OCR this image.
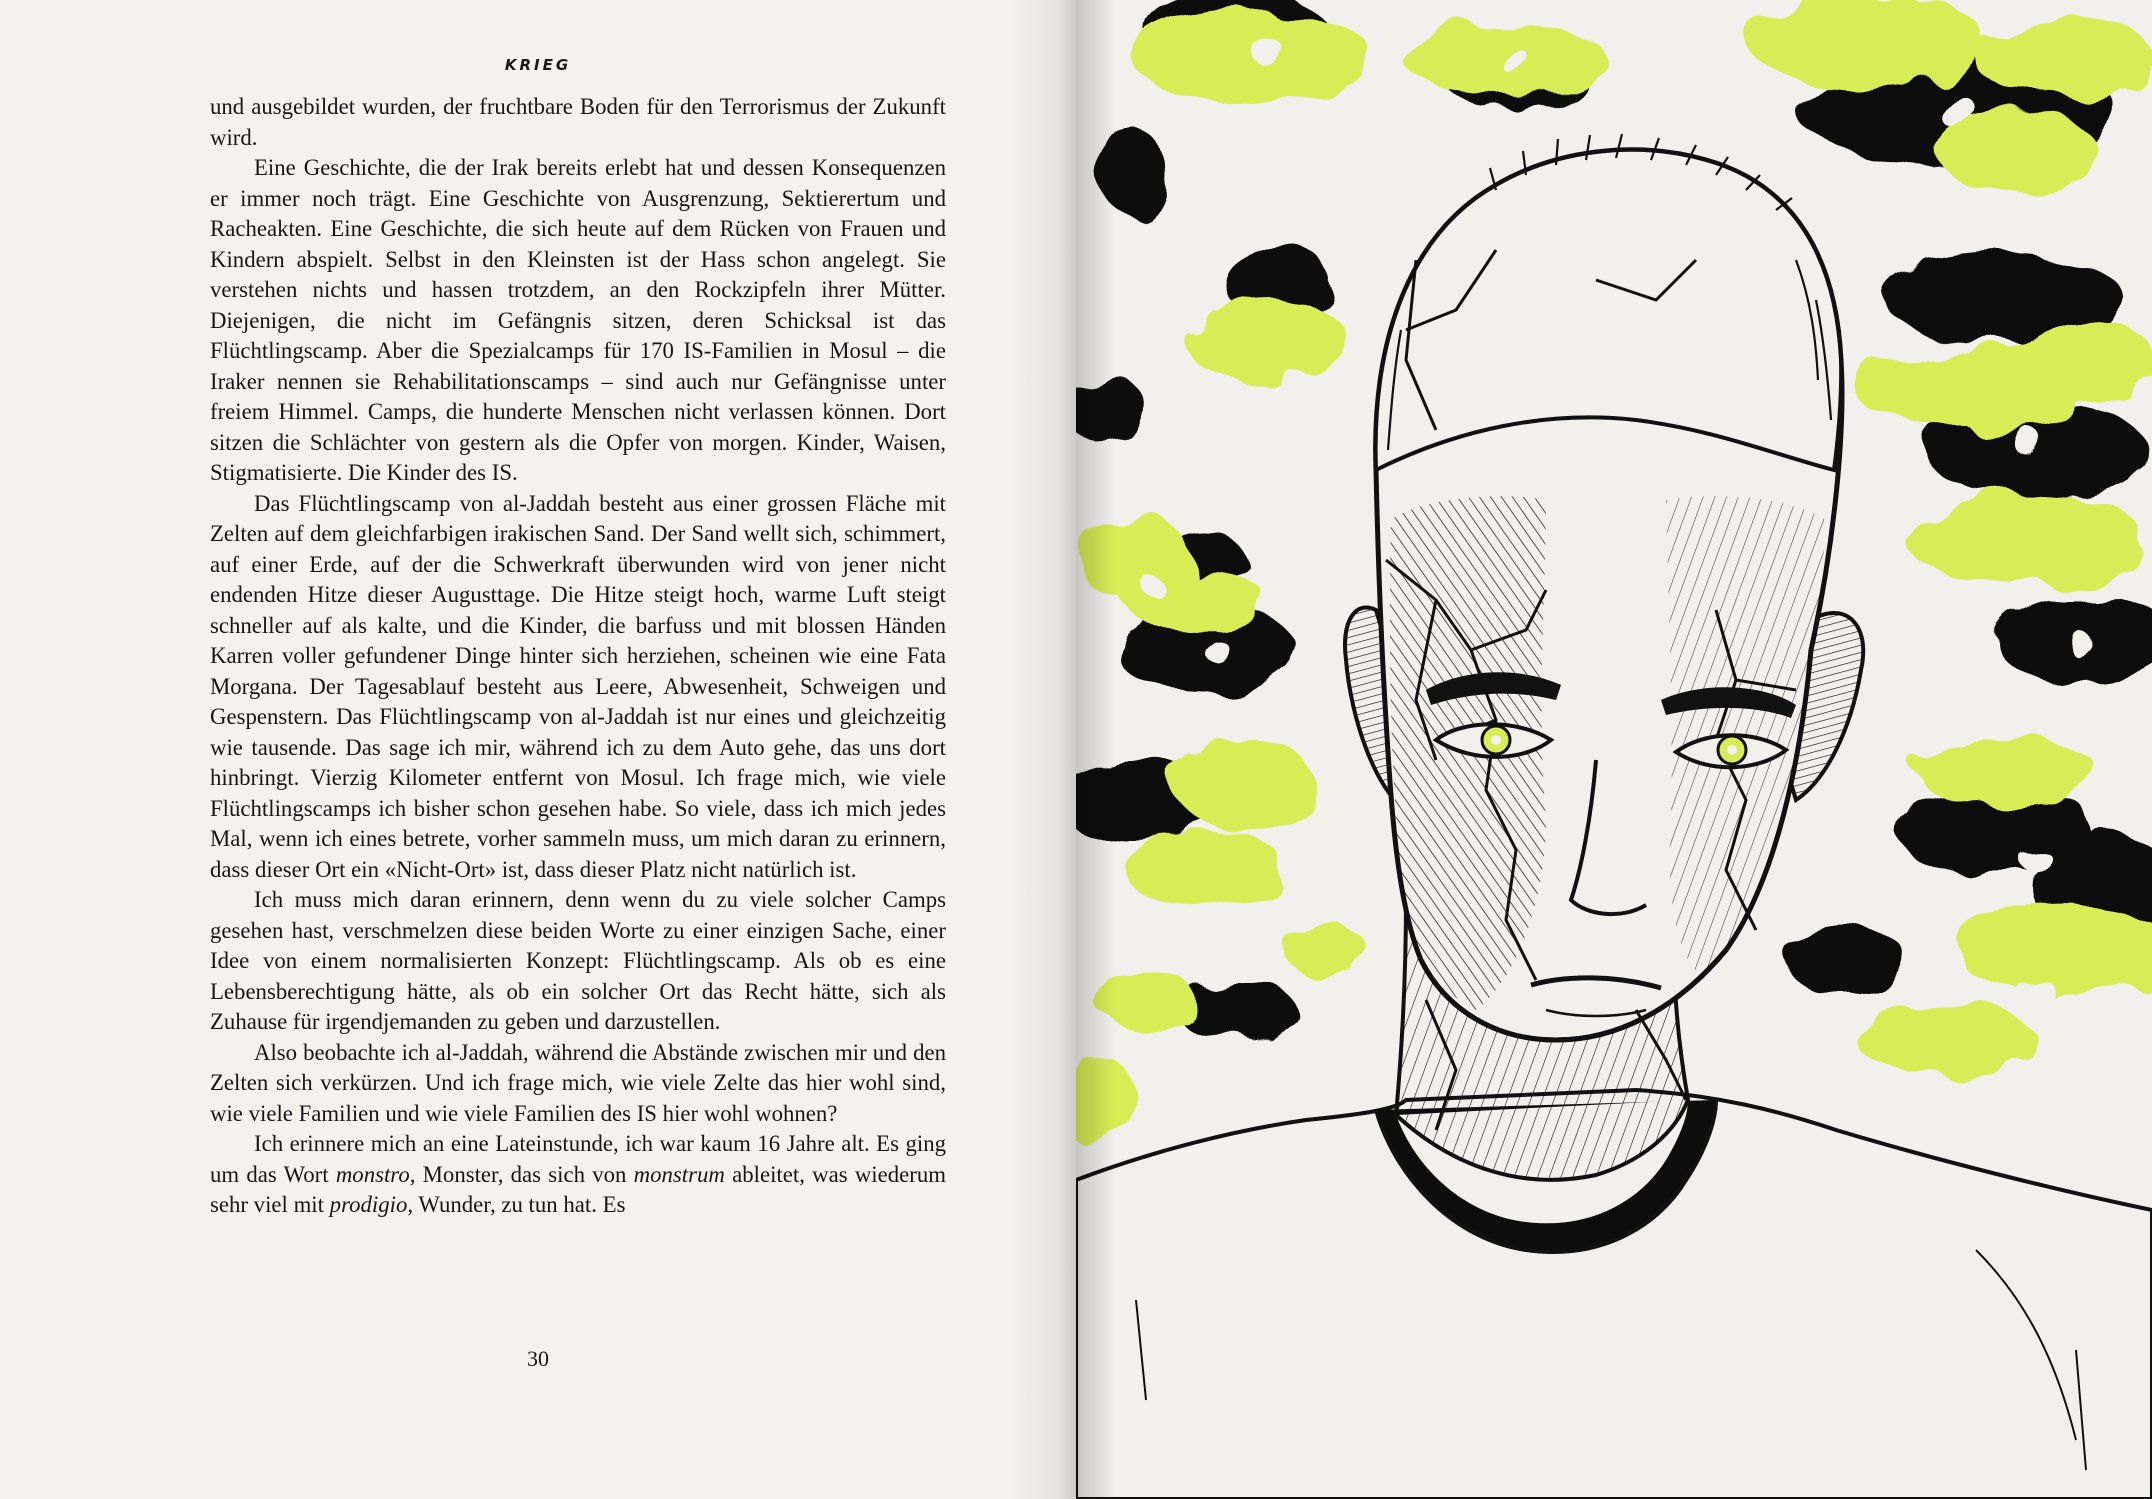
KRIEG

und ausgebildet wurden, der fruchtbare Boden für den Terrorismus der Zukunft wird.

Eine Geschichte, die der Irak bereits erlebt hat und dessen Konsequenzen er immer noch trägt. Eine Geschichte von Ausgrenzung, Sektierertum und Racheakten. Eine Geschichte, die sich heute auf dem Rücken von Frauen und Kindern abspielt. Selbst in den Kleinsten ist der Hass schon angelegt. Sie verstehen nichts und hassen trotzdem, an den Rockzipfeln ihrer Mütter. Diejenigen, die nicht im Gefängnis sitzen, deren Schicksal ist das Flüchtlingscamp. Aber die Spezialcamps für 170 IS-Familien in Mosul – die Iraker nennen sie Rehabilitationscamps – sind auch nur Gefängnisse unter freiem Himmel. Camps, die hunderte Menschen nicht verlassen können. Dort sitzen die Schlächter von gestern als die Opfer von morgen. Kinder, Waisen, Stigmatisierte. Die Kinder des IS.

Das Flüchtlingscamp von al-Jaddah besteht aus einer grossen Fläche mit Zelten auf dem gleichfarbigen irakischen Sand. Der Sand wellt sich, schimmert, auf einer Erde, auf der die Schwerkraft überwunden wird von jener nicht endenden Hitze dieser Augusttage. Die Hitze steigt hoch, warme Luft steigt schneller auf als kalte, und die Kinder, die barfuss und mit blossen Händen Karren voller gefundener Dinge hinter sich herziehen, scheinen wie eine Fata Morgana. Der Tagesablauf besteht aus Leere, Abwesenheit, Schweigen und Gespenstern. Das Flüchtlingscamp von al-Jaddah ist nur eines und gleichzeitig wie tausende. Das sage ich mir, während ich zu dem Auto gehe, das uns dort hinbringt. Vierzig Kilometer entfernt von Mosul. Ich frage mich, wie viele Flüchtlingscamps ich bisher schon gesehen habe. So viele, dass ich mich jedes Mal, wenn ich eines betrete, vorher sammeln muss, um mich daran zu erinnern, dass dieser Ort ein «Nicht-Ort» ist, dass dieser Platz nicht natürlich ist.

Ich muss mich daran erinnern, denn wenn du zu viele solcher Camps gesehen hast, verschmelzen diese beiden Worte zu einer einzigen Sache, einer Idee von einem normalisierten Konzept: Flüchtlingscamp. Als ob es eine Lebensberechtigung hätte, als ob ein solcher Ort das Recht hätte, sich als Zuhause für irgendjemanden zu geben und darzustellen.

Also beobachte ich al-Jaddah, während die Abstände zwischen mir und den Zelten sich verkürzen. Und ich frage mich, wie viele Zelte das hier wohl sind, wie viele Familien und wie viele Familien des IS hier wohl wohnen?

Ich erinnere mich an eine Lateinstunde, ich war kaum 16 Jahre alt. Es ging um das Wort monstro, Monster, das sich von monstrum ableitet, was wiederum sehr viel mit prodigio, Wunder, zu tun hat. Es

30
